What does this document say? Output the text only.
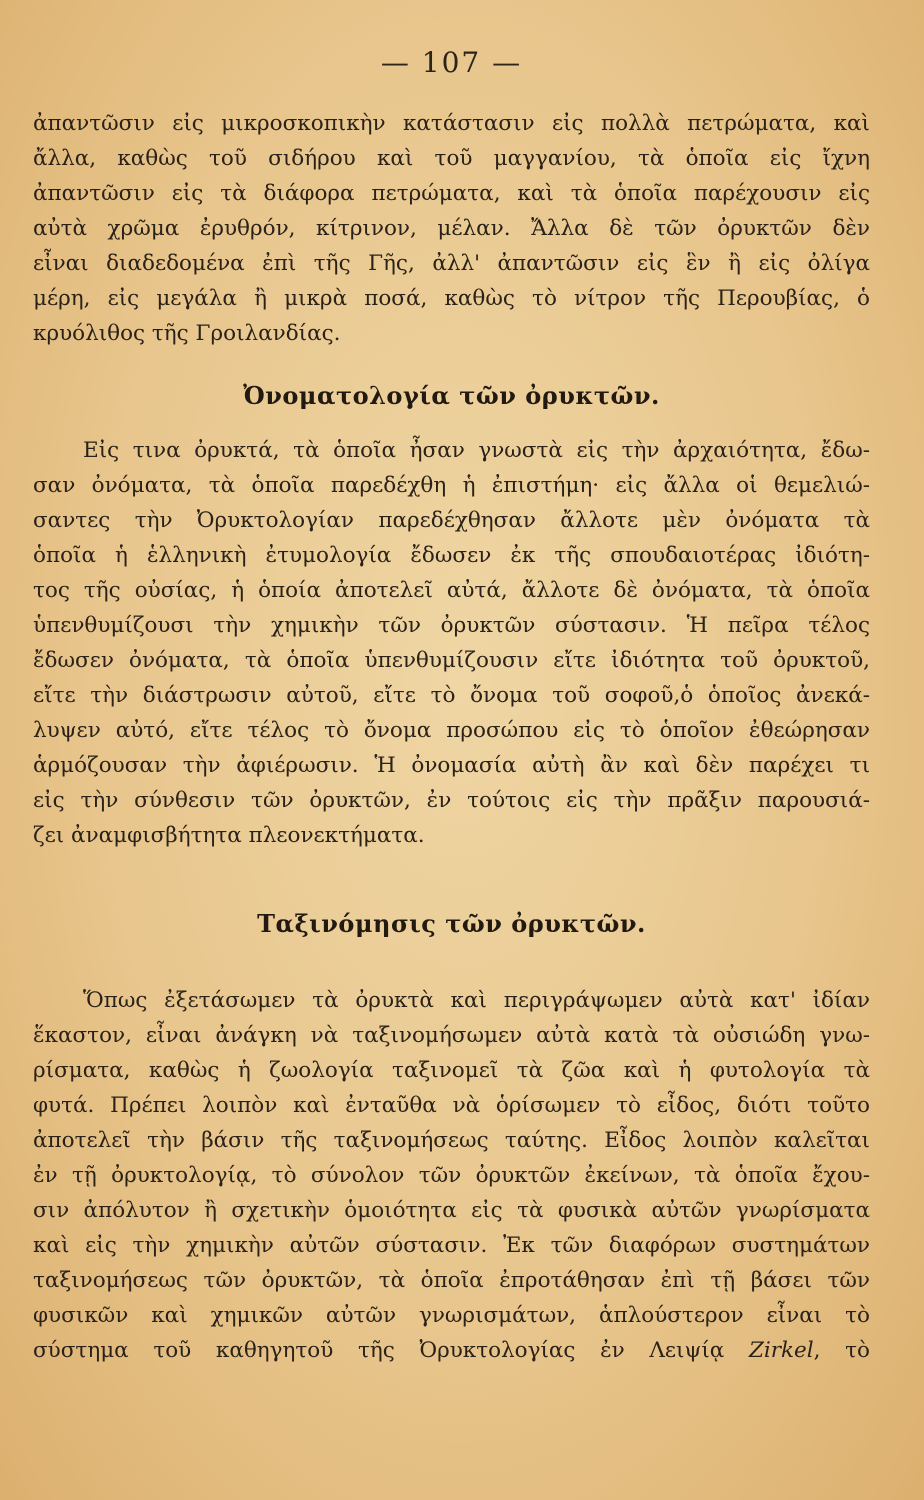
— 107 —
ἀπαντῶσιν εἰς μικροσκοπικὴν κατάστασιν εἰς πολλὰ πετρώματα, καὶ
ἄλλα, καθὼς τοῦ σιδήρου καὶ τοῦ μαγγανίου, τὰ ὁποῖα εἰς ἴχνη
ἀπαντῶσιν εἰς τὰ διάφορα πετρώματα, καὶ τὰ ὁποῖα παρέχουσιν εἰς
αὐτὰ χρῶμα ἐρυθρόν, κίτρινον, μέλαν. Ἄλλα δὲ τῶν ὀρυκτῶν δὲν
εἶναι διαδεδομένα ἐπὶ τῆς Γῆς, ἀλλ' ἀπαντῶσιν εἰς ἓν ἢ εἰς ὀλίγα
μέρη, εἰς μεγάλα ἢ μικρὰ ποσά, καθὼς τὸ νίτρον τῆς Περουβίας, ὁ
κρυόλιθος τῆς Γροιλανδίας.
Ὀνοματολογία τῶν ὀρυκτῶν.
Εἰς τινα ὀρυκτά, τὰ ὁποῖα ἦσαν γνωστὰ εἰς τὴν ἀρχαιότητα, ἔδω-
σαν ὀνόματα, τὰ ὁποῖα παρεδέχθη ἡ ἐπιστήμη· εἰς ἄλλα οἱ θεμελιώ-
σαντες τὴν Ὀρυκτολογίαν παρεδέχθησαν ἄλλοτε μὲν ὀνόματα τὰ
ὁποῖα ἡ ἑλληνικὴ ἐτυμολογία ἔδωσεν ἐκ τῆς σπουδαιοτέρας ἰδιότη-
τος τῆς οὐσίας, ἡ ὁποία ἀποτελεῖ αὐτά, ἄλλοτε δὲ ὀνόματα, τὰ ὁποῖα
ὑπενθυμίζουσι τὴν χημικὴν τῶν ὀρυκτῶν σύστασιν. Ἡ πεῖρα τέλος
ἔδωσεν ὀνόματα, τὰ ὁποῖα ὑπενθυμίζουσιν εἴτε ἰδιότητα τοῦ ὀρυκτοῦ,
εἴτε τὴν διάστρωσιν αὐτοῦ, εἴτε τὸ ὄνομα τοῦ σοφοῦ,ὁ ὁποῖος ἀνεκά-
λυψεν αὐτό, εἴτε τέλος τὸ ὄνομα προσώπου εἰς τὸ ὁποῖον ἐθεώρησαν
ἁρμόζουσαν τὴν ἀφιέρωσιν. Ἡ ὀνομασία αὐτὴ ἂν καὶ δὲν παρέχει τι
εἰς τὴν σύνθεσιν τῶν ὀρυκτῶν, ἐν τούτοις εἰς τὴν πρᾶξιν παρουσιά-
ζει ἀναμφισβήτητα πλεονεκτήματα.
Ταξινόμησις τῶν ὀρυκτῶν.
Ὅπως ἐξετάσωμεν τὰ ὀρυκτὰ καὶ περιγράψωμεν αὐτὰ κατ' ἰδίαν
ἕκαστον, εἶναι ἀνάγκη νὰ ταξινομήσωμεν αὐτὰ κατὰ τὰ οὐσιώδη γνω-
ρίσματα, καθὼς ἡ ζωολογία ταξινομεῖ τὰ ζῶα καὶ ἡ φυτολογία τὰ
φυτά. Πρέπει λοιπὸν καὶ ἐνταῦθα νὰ ὁρίσωμεν τὸ εἶδος, διότι τοῦτο
ἀποτελεῖ τὴν βάσιν τῆς ταξινομήσεως ταύτης. Εἶδος λοιπὸν καλεῖται
ἐν τῇ ὀρυκτολογίᾳ, τὸ σύνολον τῶν ὀρυκτῶν ἐκείνων, τὰ ὁποῖα ἔχου-
σιν ἀπόλυτον ἢ σχετικὴν ὁμοιότητα εἰς τὰ φυσικὰ αὐτῶν γνωρίσματα
καὶ εἰς τὴν χημικὴν αὐτῶν σύστασιν. Ἐκ τῶν διαφόρων συστημάτων
ταξινομήσεως τῶν ὀρυκτῶν, τὰ ὁποῖα ἐπροτάθησαν ἐπὶ τῇ βάσει τῶν
φυσικῶν καὶ χημικῶν αὐτῶν γνωρισμάτων, ἁπλούστερον εἶναι τὸ
σύστημα τοῦ καθηγητοῦ τῆς Ὀρυκτολογίας ἐν Λειψίᾳ Zirkel, τὸ
